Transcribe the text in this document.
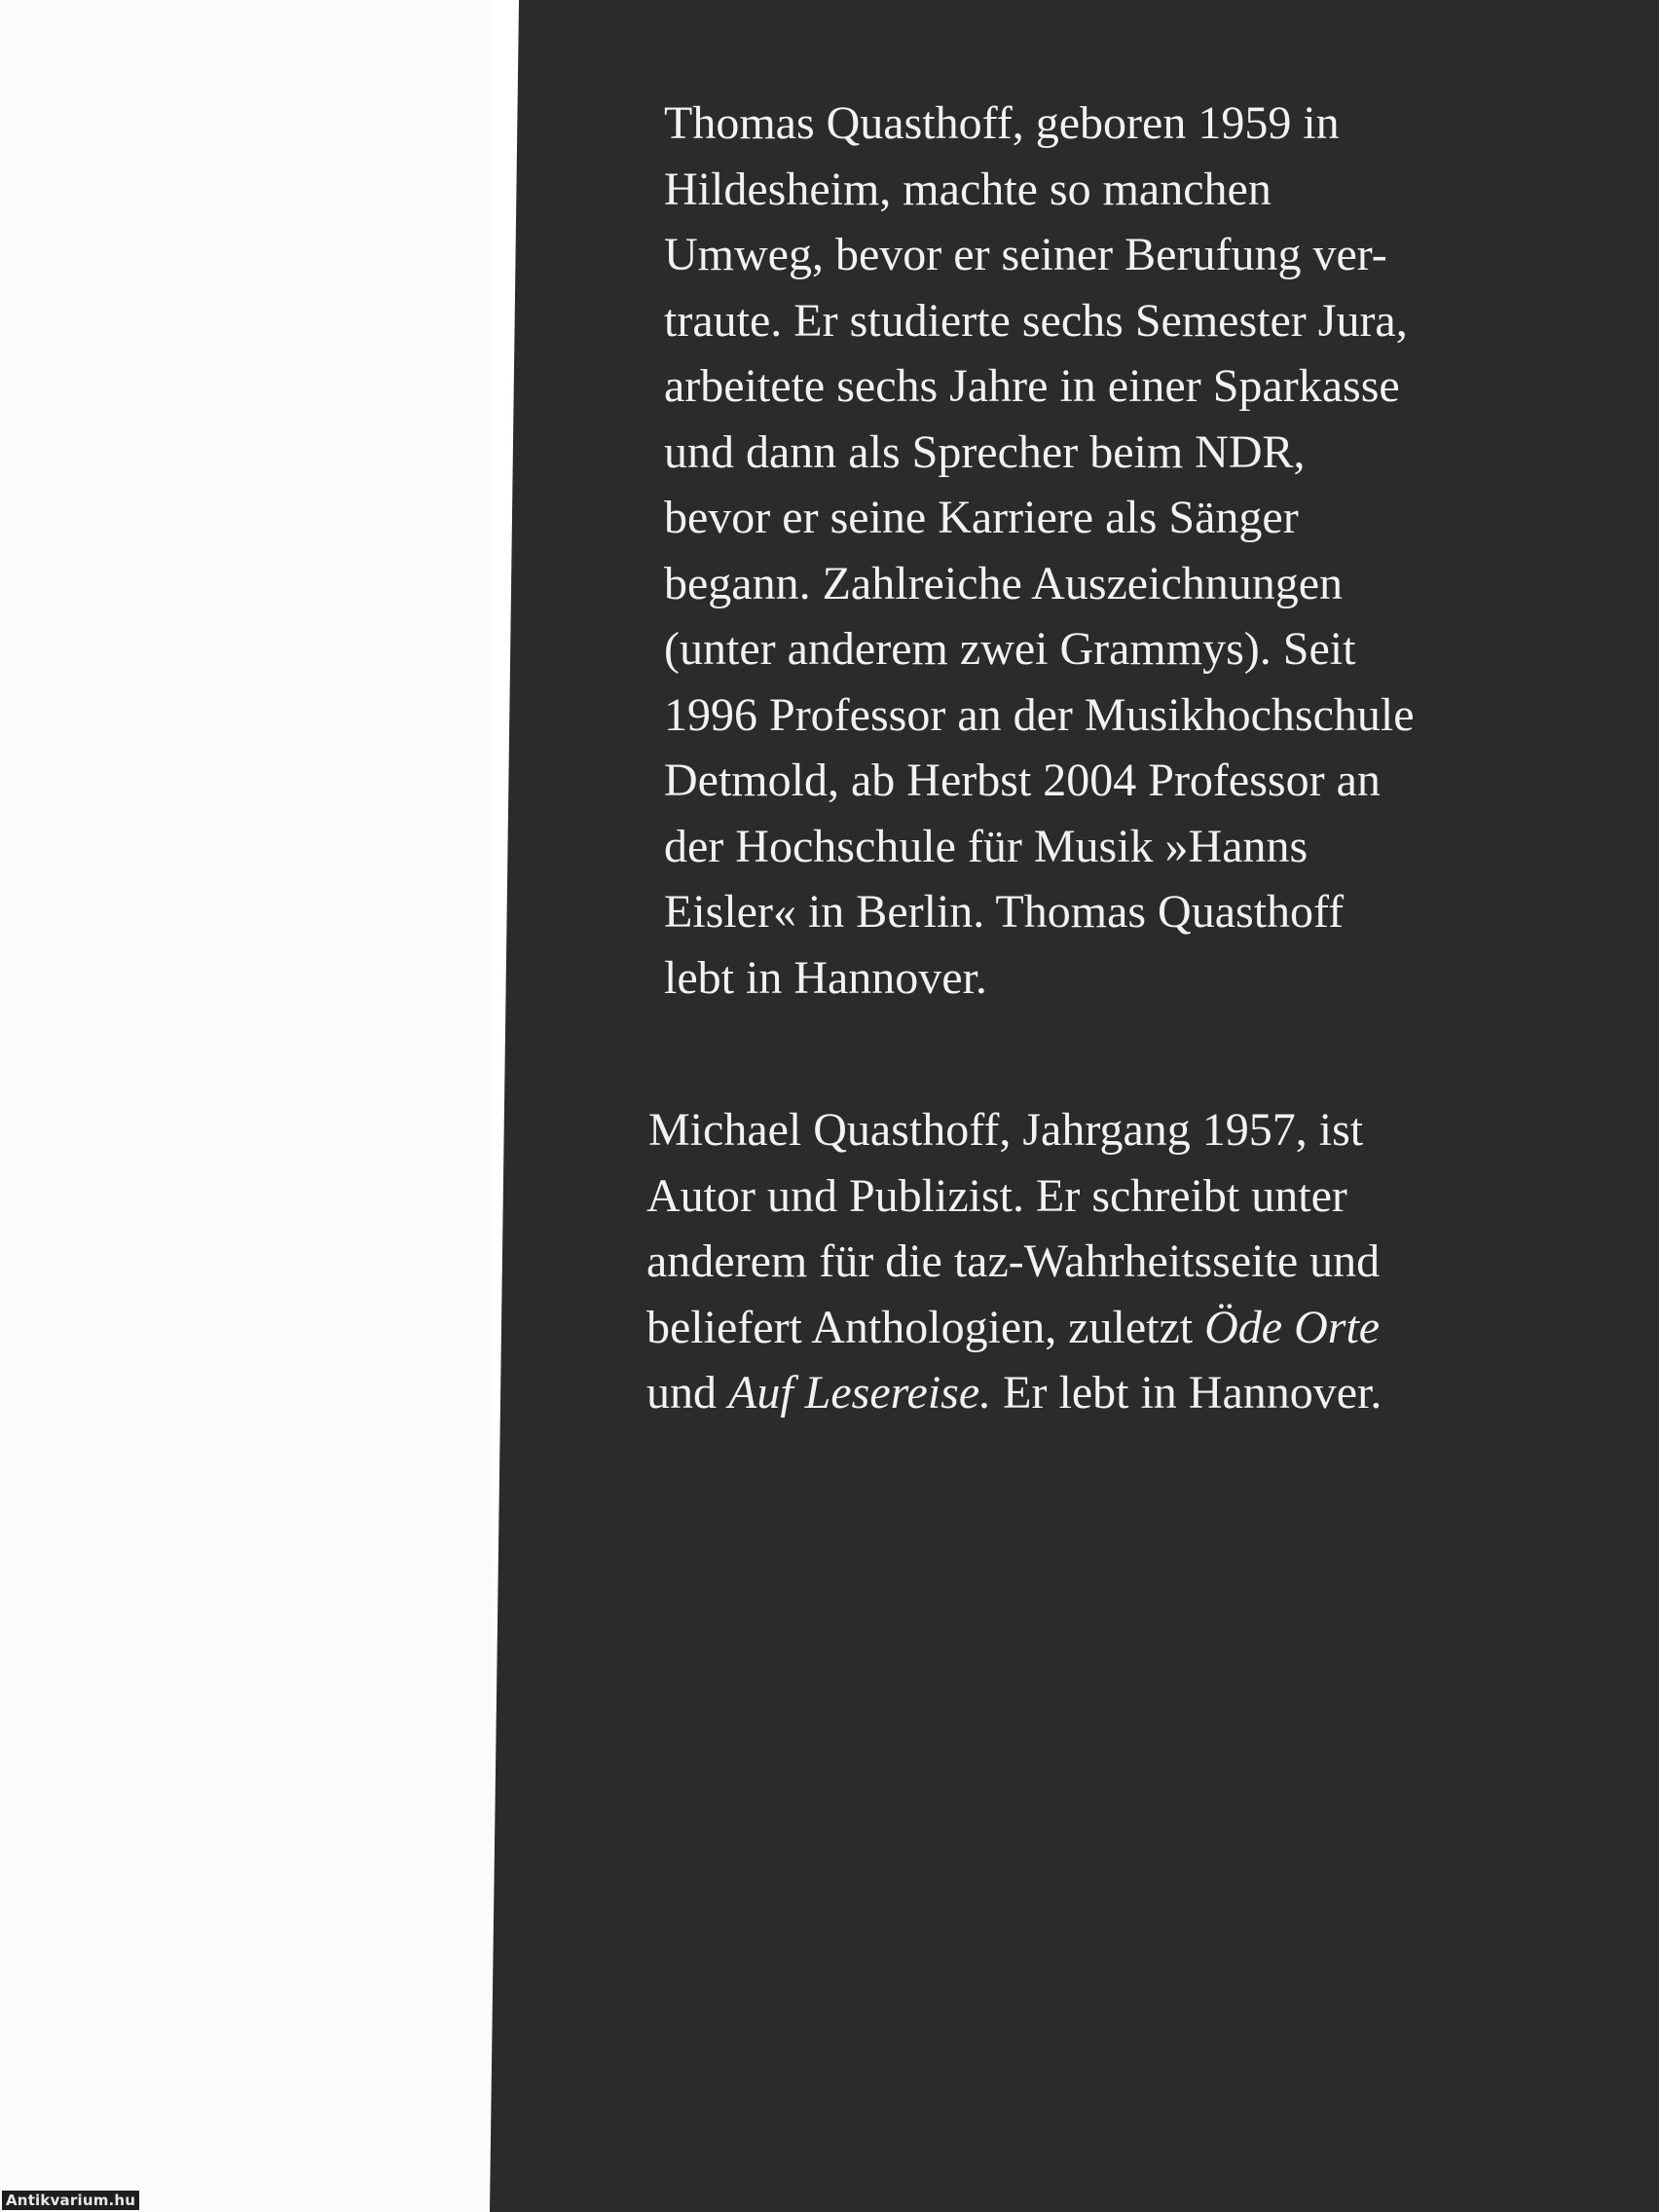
Thomas Quasthoff, geboren 1959 in
Hildesheim, machte so manchen
Umweg, bevor er seiner Berufung ver-
traute. Er studierte sechs Semester Jura,
arbeitete sechs Jahre in einer Sparkasse
und dann als Sprecher beim NDR,
bevor er seine Karriere als Sänger
begann. Zahlreiche Auszeichnungen
(unter anderem zwei Grammys). Seit
1996 Professor an der Musikhochschule
Detmold, ab Herbst 2004 Professor an
der Hochschule für Musik »Hanns
Eisler« in Berlin. Thomas Quasthoff
lebt in Hannover.

Michael Quasthoff, Jahrgang 1957, ist
Autor und Publizist. Er schreibt unter
anderem für die taz-Wahrheitsseite und
beliefert Anthologien, zuletzt Öde Orte
und Auf Lesereise. Er lebt in Hannover.

Antikvarium.hu
